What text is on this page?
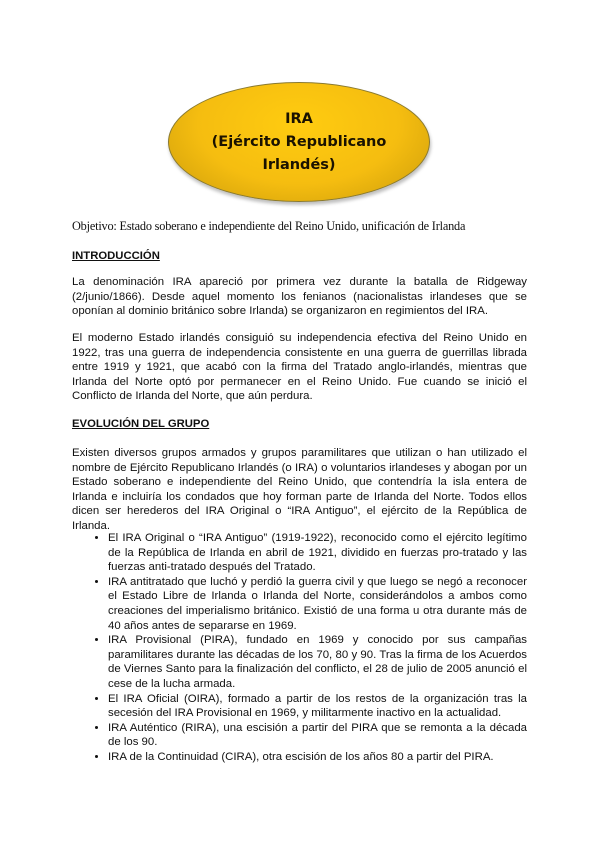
IRA
(Ejército Republicano
Irlandés)
Objetivo: Estado soberano e independiente del Reino Unido, unificación de Irlanda
INTRODUCCIÓN
La denominación IRA apareció por primera vez durante la batalla de Ridgeway (2/junio/1866). Desde aquel momento los fenianos (nacionalistas irlandeses que se oponían al dominio británico sobre Irlanda) se organizaron en regimientos del IRA.
El moderno Estado irlandés consiguió su independencia efectiva del Reino Unido en 1922, tras una guerra de independencia consistente en una guerra de guerrillas librada entre 1919 y 1921, que acabó con la firma del Tratado anglo-irlandés, mientras que Irlanda del Norte optó por permanecer en el Reino Unido. Fue cuando se inició el Conflicto de Irlanda del Norte, que aún perdura.
EVOLUCIÓN DEL GRUPO
Existen diversos grupos armados y grupos paramilitares que utilizan o han utilizado el nombre de Ejército Republicano Irlandés (o IRA) o voluntarios irlandeses y abogan por un Estado soberano e independiente del Reino Unido, que contendría la isla entera de Irlanda e incluiría los condados que hoy forman parte de Irlanda del Norte. Todos ellos dicen ser herederos del IRA Original o “IRA Antiguo”, el ejército de la República de Irlanda.
• El IRA Original o “IRA Antiguo” (1919-1922), reconocido como el ejército legítimo de la República de Irlanda en abril de 1921, dividido en fuerzas pro-tratado y las fuerzas anti-tratado después del Tratado.
• IRA antitratado que luchó y perdió la guerra civil y que luego se negó a reconocer el Estado Libre de Irlanda o Irlanda del Norte, considerándolos a ambos como creaciones del imperialismo británico. Existió de una forma u otra durante más de 40 años antes de separarse en 1969.
• IRA Provisional (PIRA), fundado en 1969 y conocido por sus campañas paramilitares durante las décadas de los 70, 80 y 90. Tras la firma de los Acuerdos de Viernes Santo para la finalización del conflicto, el 28 de julio de 2005 anunció el cese de la lucha armada.
• El IRA Oficial (OIRA), formado a partir de los restos de la organización tras la secesión del IRA Provisional en 1969, y militarmente inactivo en la actualidad.
• IRA Auténtico (RIRA), una escisión a partir del PIRA que se remonta a la década de los 90.
• IRA de la Continuidad (CIRA), otra escisión de los años 80 a partir del PIRA.
